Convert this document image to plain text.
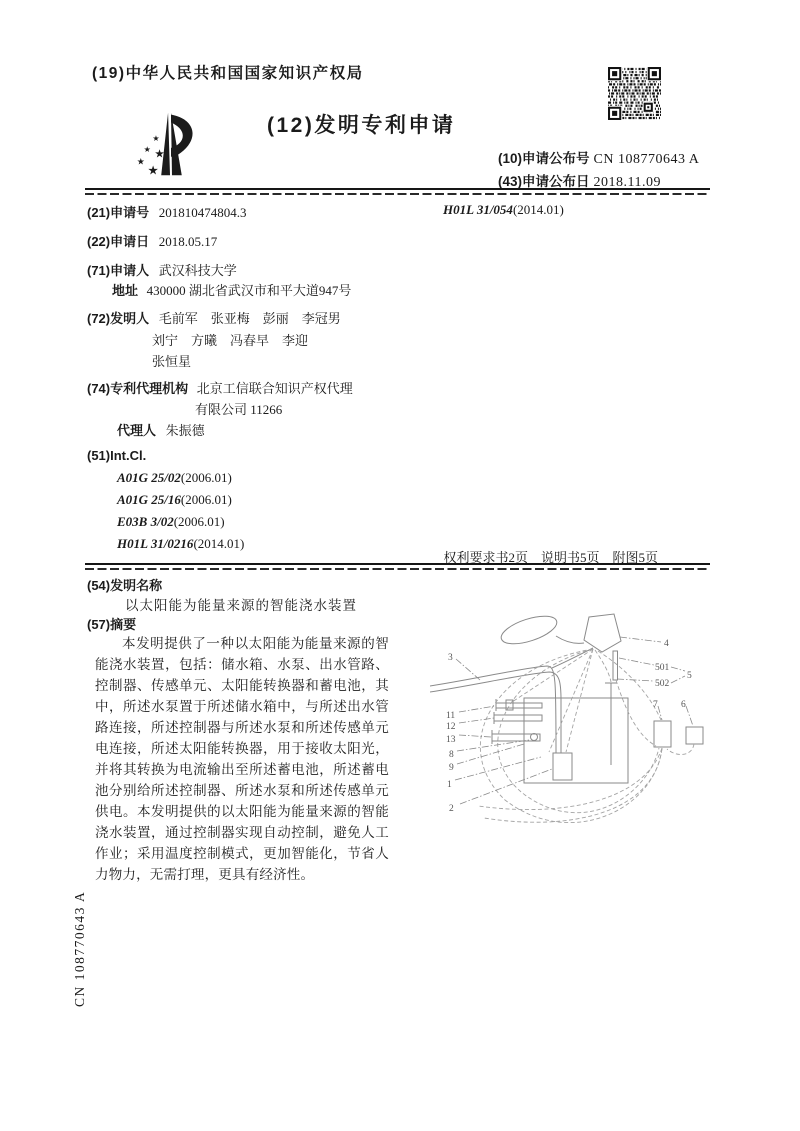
(19)中华人民共和国国家知识产权局
★
★ ★
★
★
(12)发明专利申请
(10)申请公布号 CN 108770643 A
(43)申请公布日 2018.11.09
(21)申请号 201810474804.3	H01L 31/054(2014.01)
(22)申请日 2018.05.17
(71)申请人 武汉科技大学
地址 430000 湖北省武汉市和平大道947号
(72)发明人 毛前军　张亚梅　彭丽　李冠男
刘宁　方曦　冯春早　李迎
张恒星
(74)专利代理机构 北京工信联合知识产权代理
有限公司 11266
代理人 朱振德
(51)Int.Cl.
A01G 25/02(2006.01)
A01G 25/16(2006.01)
E03B 3/02(2006.01)
H01L 31/0216(2014.01)
权利要求书2页　说明书5页　附图5页
(54)发明名称
以太阳能为能量来源的智能浇水装置
(57)摘要

本发明提供了一种以太阳能为能量来源的智能浇水装置，包括：储水箱、水泵、出水管路、控制器、传感单元、太阳能转换器和蓄电池，其中，所述水泵置于所述储水箱中，与所述出水管路连接，所述控制器与所述水泵和所述传感单元电连接，所述太阳能转换器，用于接收太阳光，并将其转换为电流输出至所述蓄电池，所述蓄电池分别给所述控制器、所述水泵和所述传感单元供电。本发明提供的以太阳能为能量来源的智能浇水装置，通过控制器实现自动控制，避免人工作业；采用温度控制模式，更加智能化，节省人力物力，无需打理，更具有经济性。

3
4
501
5
502
7 6
11
12
13
8
9
1
2
CN 108770643 A
